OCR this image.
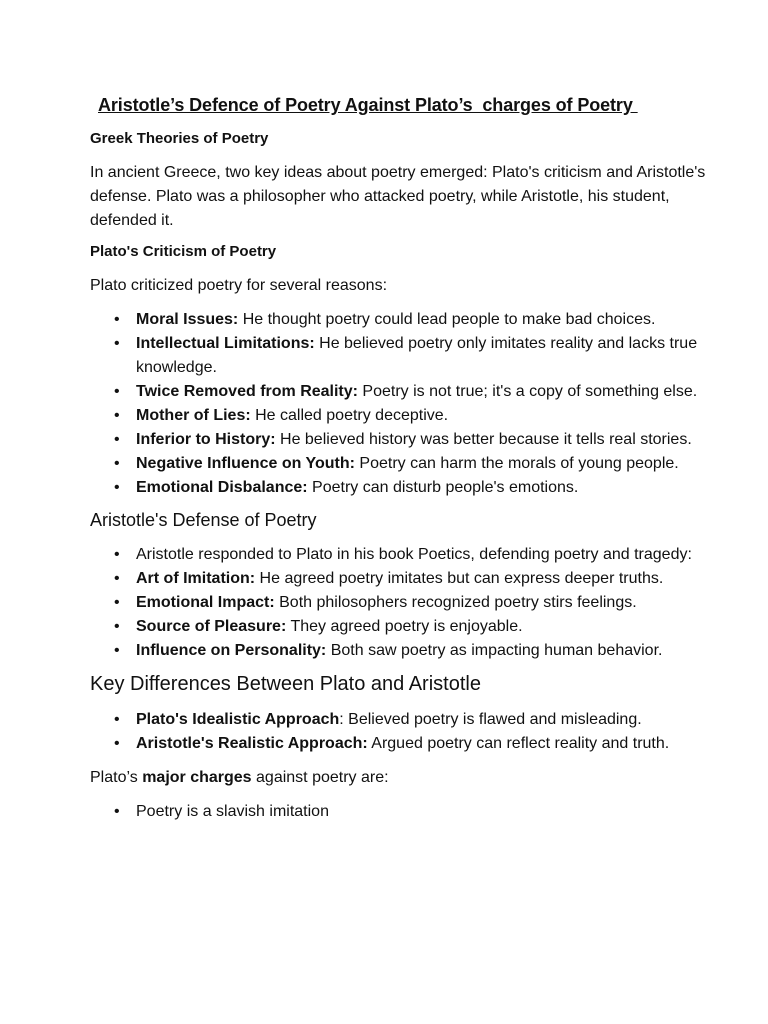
Aristotle’s Defence of Poetry Against Plato’s  charges of Poetry
Greek Theories of Poetry

In ancient Greece, two key ideas about poetry emerged: Plato's criticism and Aristotle's defense. Plato was a philosopher who attacked poetry, while Aristotle, his student, defended it.

Plato's Criticism of Poetry

Plato criticized poetry for several reasons:

• Moral Issues: He thought poetry could lead people to make bad choices.
• Intellectual Limitations: He believed poetry only imitates reality and lacks true knowledge.
• Twice Removed from Reality: Poetry is not true; it's a copy of something else.
• Mother of Lies: He called poetry deceptive.
• Inferior to History: He believed history was better because it tells real stories.
• Negative Influence on Youth: Poetry can harm the morals of young people.
• Emotional Disbalance: Poetry can disturb people's emotions.
Aristotle's Defense of Poetry
• Aristotle responded to Plato in his book Poetics, defending poetry and tragedy:
• Art of Imitation: He agreed poetry imitates but can express deeper truths.
• Emotional Impact: Both philosophers recognized poetry stirs feelings.
• Source of Pleasure: They agreed poetry is enjoyable.
• Influence on Personality: Both saw poetry as impacting human behavior.
Key Differences Between Plato and Aristotle
• Plato's Idealistic Approach: Believed poetry is flawed and misleading.
• Aristotle's Realistic Approach: Argued poetry can reflect reality and truth.

Plato’s major charges against poetry are:

• Poetry is a slavish imitation
